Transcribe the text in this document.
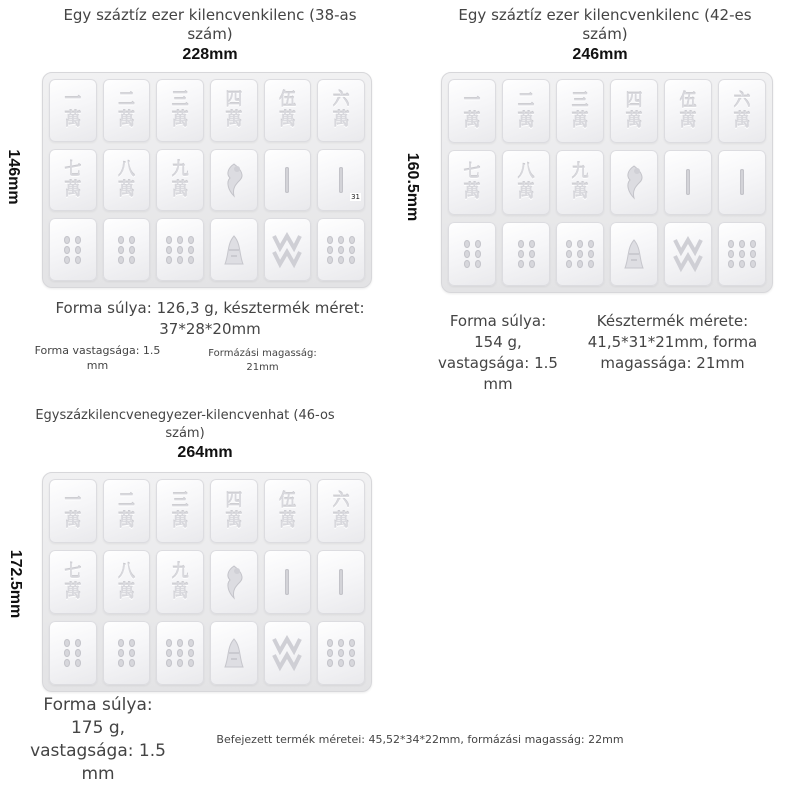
Egy száztíz ezer kilencvenkilenc (38-as szám)
228mm
146mm
一
萬
二
萬
三
萬
四
萬
伍
萬
六
萬
七
萬
八
萬
九
萬	31
Forma súlya: 126,3 g, késztermék méret: 37*28*20mm
Forma vastagsága: 1.5 mm
Formázási magasság: 21mm
Egy száztíz ezer kilencvenkilenc (42-es szám)
246mm
160.5mm
一
萬
二
萬
三
萬
四
萬
伍
萬
六
萬
七
萬
八
萬
九
萬
Forma súlya: 154 g, vastagsága: 1.5 mm
Késztermék mérete: 41,5*31*21mm, forma magassága: 21mm
Egyszázkilencvenegyezer-kilencvenhat (46-os szám)
264mm
172.5mm
一
萬
二
萬
三
萬
四
萬
伍
萬
六
萬
七
萬
八
萬
九
萬
Forma súlya: 175 g, vastagsága: 1.5 mm
Befejezett termék méretei: 45,52*34*22mm, formázási magasság: 22mm
